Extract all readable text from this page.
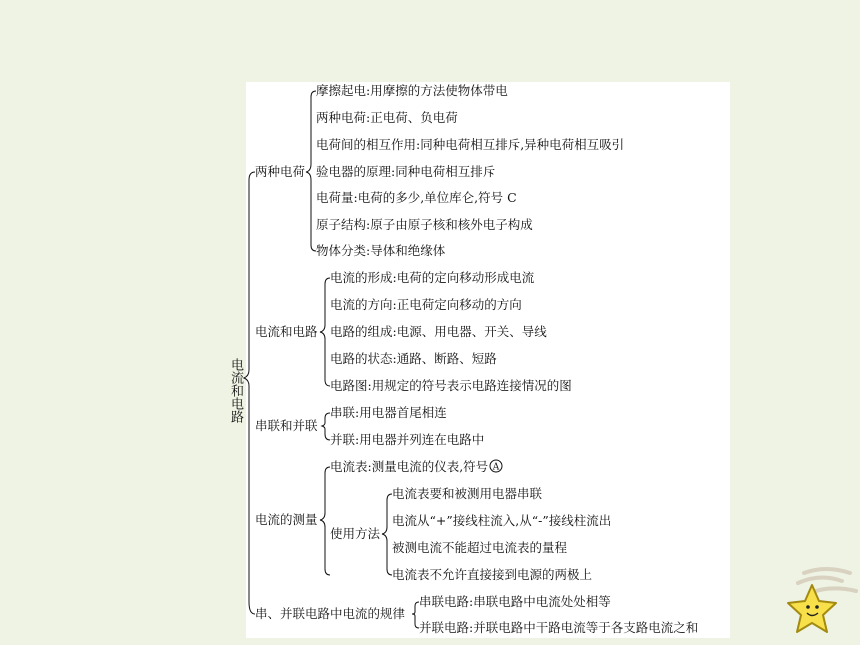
电流和电路
两种电荷
摩擦起电:用摩擦的方法使物体带电
两种电荷:正电荷、负电荷
电荷间的相互作用:同种电荷相互排斥,异种电荷相互吸引
验电器的原理:同种电荷相互排斥
电荷量:电荷的多少,单位库仑,符号 C
原子结构:原子由原子核和核外电子构成
物体分类:导体和绝缘体
电流和电路
电流的形成:电荷的定向移动形成电流
电流的方向:正电荷定向移动的方向
电路的组成:电源、用电器、开关、导线
电路的状态:通路、断路、短路
电路图:用规定的符号表示电路连接情况的图
串联和并联
串联:用电器首尾相连
并联:用电器并列连在电路中
电流的测量
电流表:测量电流的仪表,符号 A
使用方法
电流表要和被测用电器串联
电流从“+”接线柱流入,从“-”接线柱流出
被测电流不能超过电流表的量程
电流表不允许直接接到电源的两极上
串、并联电路中电流的规律
串联电路:串联电路中电流处处相等
并联电路:并联电路中干路电流等于各支路电流之和
